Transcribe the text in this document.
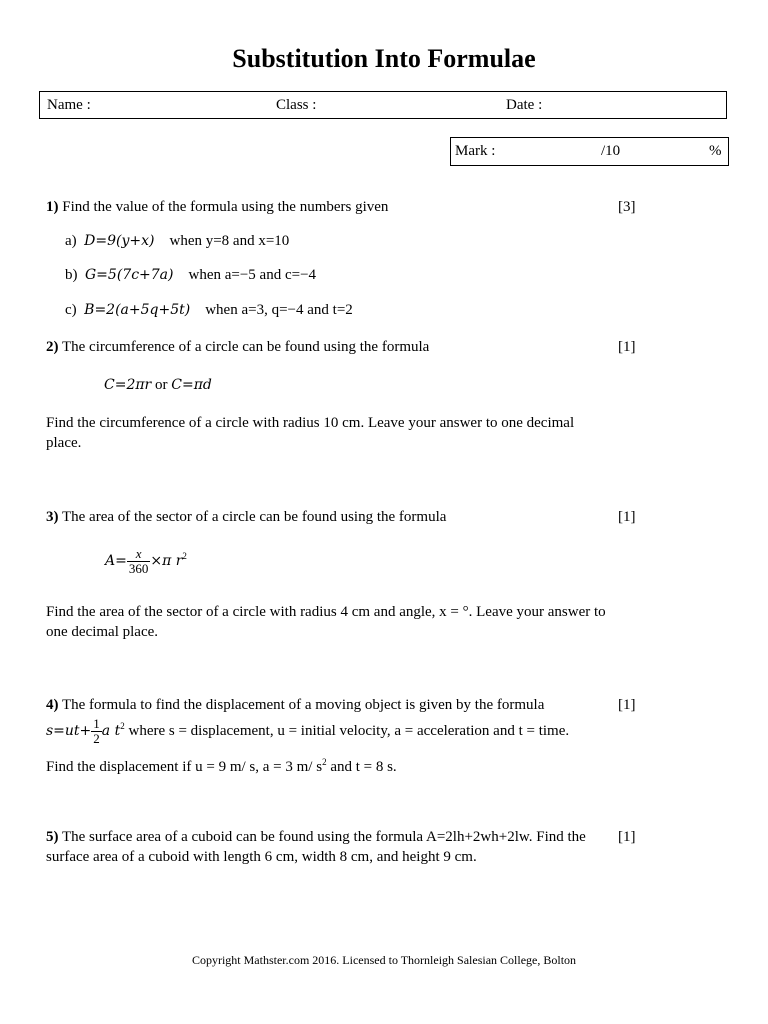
Substitution Into Formulae
Name :	Class :	Date :
Mark :	/10	%
1) Find the value of the formula using the numbers given	[3]
a) D=9(y+x) when y=8 and x=10
b) G=5(7c+7a) when a=−5 and c=−4
c) B=2(a+5q+5t) when a=3, q=−4 and t=2
2) The circumference of a circle can be found using the formula	[1]
C=2πr or C=πd
Find the circumference of a circle with radius 10 cm. Leave your answer to one decimal place.
3) The area of the sector of a circle can be found using the formula	[1]
$A= \frac{x}{360} \times\pi$ $r^2$
Find the area of the sector of a circle with radius 4 cm and angle, x = °. Leave your answer to one decimal place.
4) The formula to find the displacement of a moving object is given by the formula	[1]
$s=ut+ \frac{1}{2}$ a $t^2$ where s = displacement, u = initial velocity, a = acceleration and t = time.
Find the displacement if u = 9 m/ s, a = 3 m/ $s^2$ and t = 8 s.
5) The surface area of a cuboid can be found using the formula A=2lh+2wh+2lw. Find the surface area of a cuboid with length 6 cm, width 8 cm, and height 9 cm.
[1]
Copyright Mathster.com 2016. Licensed to Thornleigh Salesian College, Bolton
